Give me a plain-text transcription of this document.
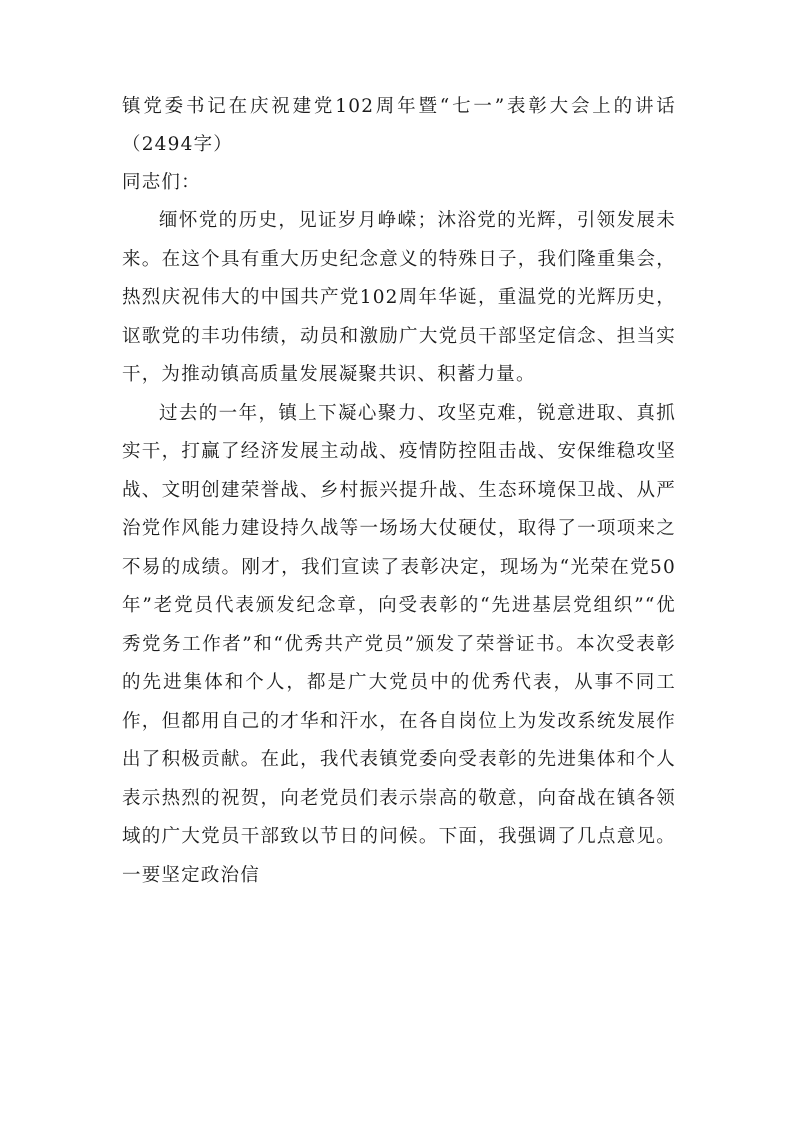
镇党委书记在庆祝建党102周年暨“七一”表彰大会上的讲话（2494字）

同志们：

缅怀党的历史，见证岁月峥嵘；沐浴党的光辉，引领发展未来。在这个具有重大历史纪念意义的特殊日子，我们隆重集会，热烈庆祝伟大的中国共产党102周年华诞，重温党的光辉历史，讴歌党的丰功伟绩，动员和激励广大党员干部坚定信念、担当实干，为推动镇高质量发展凝聚共识、积蓄力量。

过去的一年，镇上下凝心聚力、攻坚克难，锐意进取、真抓实干，打赢了经济发展主动战、疫情防控阻击战、安保维稳攻坚战、文明创建荣誉战、乡村振兴提升战、生态环境保卫战、从严治党作风能力建设持久战等一场场大仗硬仗，取得了一项项来之不易的成绩。刚才，我们宣读了表彰决定，现场为“光荣在党50年”老党员代表颁发纪念章，向受表彰的“先进基层党组织”“优秀党务工作者”和“优秀共产党员”颁发了荣誉证书。本次受表彰的先进集体和个人，都是广大党员中的优秀代表，从事不同工作，但都用自己的才华和汗水，在各自岗位上为发改系统发展作出了积极贡献。在此，我代表镇党委向受表彰的先进集体和个人表示热烈的祝贺，向老党员们表示崇高的敬意，向奋战在镇各领域的广大党员干部致以节日的问候。下面，我强调了几点意见。一要坚定政治信
